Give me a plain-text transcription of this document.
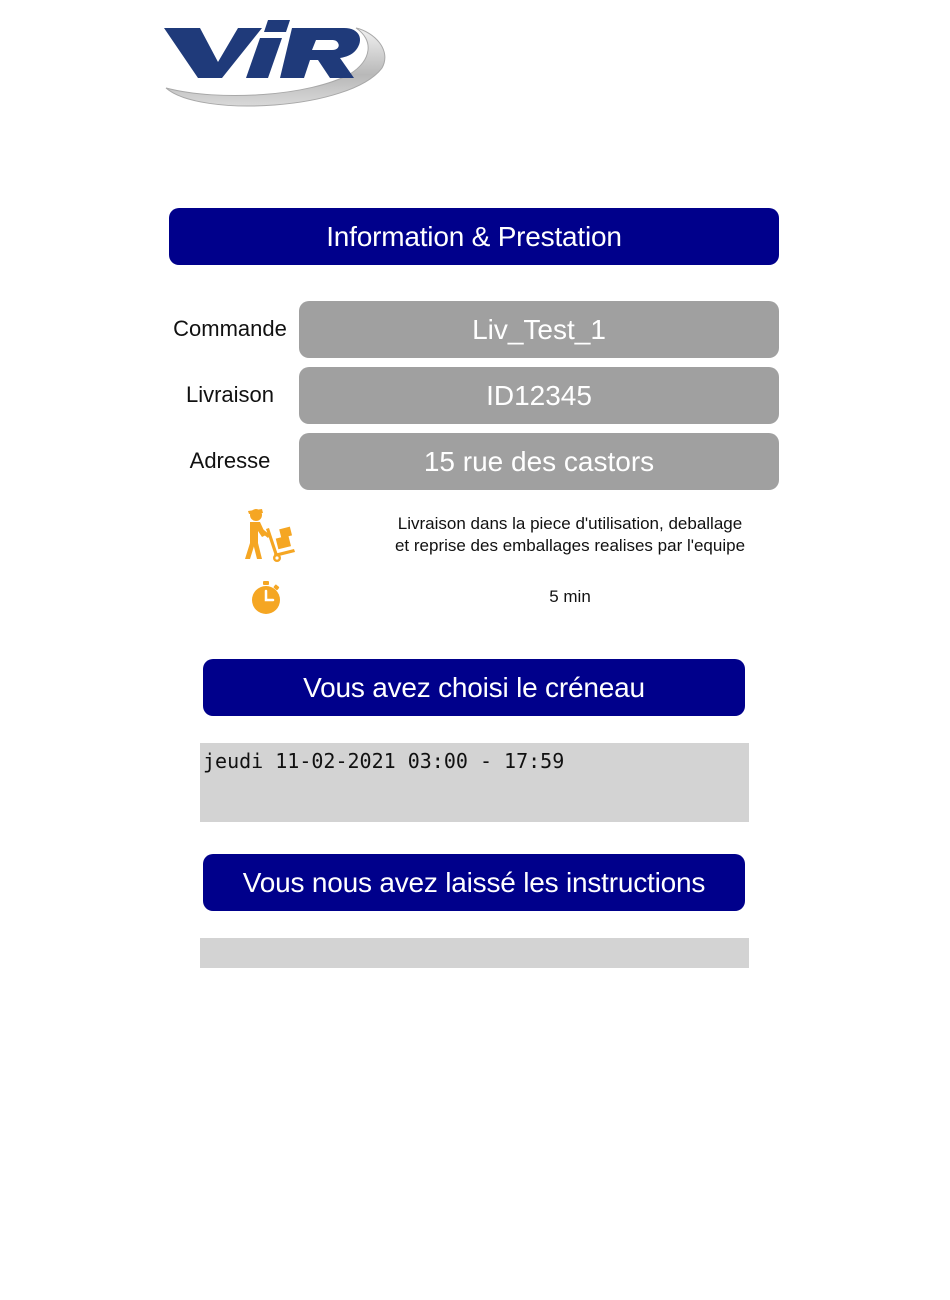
Information & Prestation
Commande	Liv_Test_1
Livraison	ID12345
Adresse	15 rue des castors
Livraison dans la piece d'utilisation, deballage
et reprise des emballages realises par l'equipe
5 min
Vous avez choisi le créneau
jeudi 11-02-2021 03:00 - 17:59
Vous nous avez laissé les instructions
